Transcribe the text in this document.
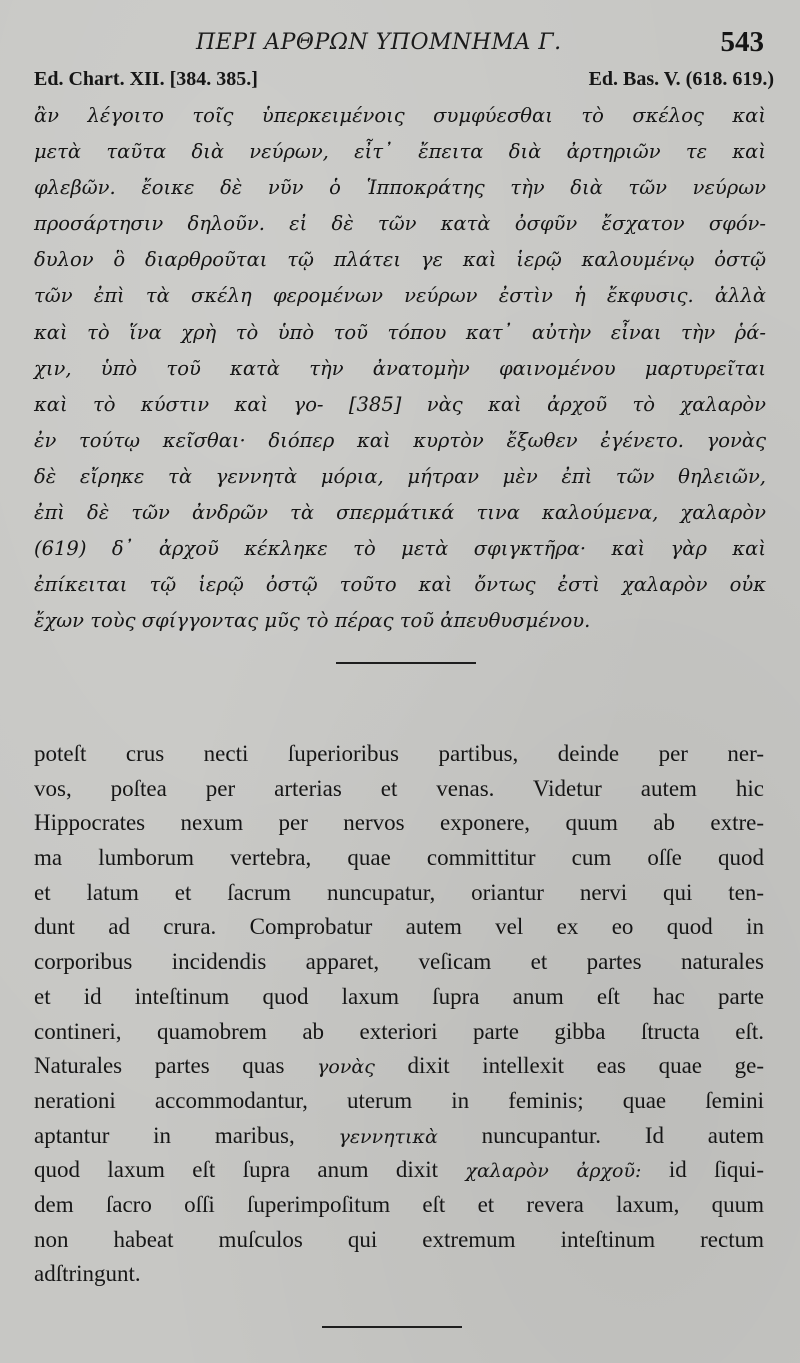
ΠΕΡΙ ΑΡΘΡΩΝ ΥΠΟΜΝΗΜΑ Γ.	543
Ed. Chart. XII. [384. 385.]	Ed. Bas. V. (618. 619.)
ἂν λέγοιτο τοῖς ὑπερκειμένοις συμφύεσθαι τὸ σκέλος καὶ
μετὰ ταῦτα διὰ νεύρων, εἶτ᾽ ἔπειτα διὰ ἀρτηριῶν τε καὶ
φλεβῶν. ἔοικε δὲ νῦν ὁ Ἱπποκράτης τὴν διὰ τῶν νεύρων
προσάρτησιν δηλοῦν. εἰ δὲ τῶν κατὰ ὀσφῦν ἔσχατον σφόν-
δυλον ὃ διαρθροῦται τῷ πλάτει γε καὶ ἱερῷ καλουμένῳ ὀστῷ
τῶν ἐπὶ τὰ σκέλη φερομένων νεύρων ἐστὶν ἡ ἔκφυσις. ἀλλὰ
καὶ τὸ ἵνα χρὴ τὸ ὑπὸ τοῦ τόπου κατ᾽ αὐτὴν εἶναι τὴν ῥά-
χιν, ὑπὸ τοῦ κατὰ τὴν ἀνατομὴν φαινομένου μαρτυρεῖται
καὶ τὸ κύστιν καὶ γο- [385] νὰς καὶ ἀρχοῦ τὸ χαλαρὸν
ἐν τούτῳ κεῖσθαι· διόπερ καὶ κυρτὸν ἔξωθεν ἐγένετο. γονὰς
δὲ εἴρηκε τὰ γεννητὰ μόρια, μήτραν μὲν ἐπὶ τῶν θηλειῶν,
ἐπὶ δὲ τῶν ἀνδρῶν τὰ σπερμάτικά τινα καλούμενα, χαλαρὸν
(619) δ᾽ ἀρχοῦ κέκληκε τὸ μετὰ σφιγκτῆρα· καὶ γὰρ καὶ
ἐπίκειται τῷ ἱερῷ ὀστῷ τοῦτο καὶ ὄντως ἐστὶ χαλαρὸν οὐκ
ἔχων τοὺς σφίγγοντας μῦς τὸ πέρας τοῦ ἀπευθυσμένου.
poteſt crus necti ſuperioribus partibus, deinde per ner-
vos, poſtea per arterias et venas. Videtur autem hic
Hippocrates nexum per nervos exponere, quum ab extre-
ma lumborum vertebra, quae committitur cum oſſe quod
et latum et ſacrum nuncupatur, oriantur nervi qui ten-
dunt ad crura. Comprobatur autem vel ex eo quod in
corporibus incidendis apparet, veſicam et partes naturales
et id inteſtinum quod laxum ſupra anum eſt hac parte
contineri, quamobrem ab exteriori parte gibba ſtructa eſt.
Naturales partes quas γονὰς dixit intellexit eas quae ge-
nerationi accommodantur, uterum in feminis; quae ſemini
aptantur in maribus, γεννητικὰ nuncupantur. Id autem
quod laxum eſt ſupra anum dixit χαλαρὸν ἀρχοῦ: id ſiqui-
dem ſacro oſſi ſuperimpoſitum eſt et revera laxum, quum
non habeat muſculos qui extremum inteſtinum rectum
adſtringunt.
